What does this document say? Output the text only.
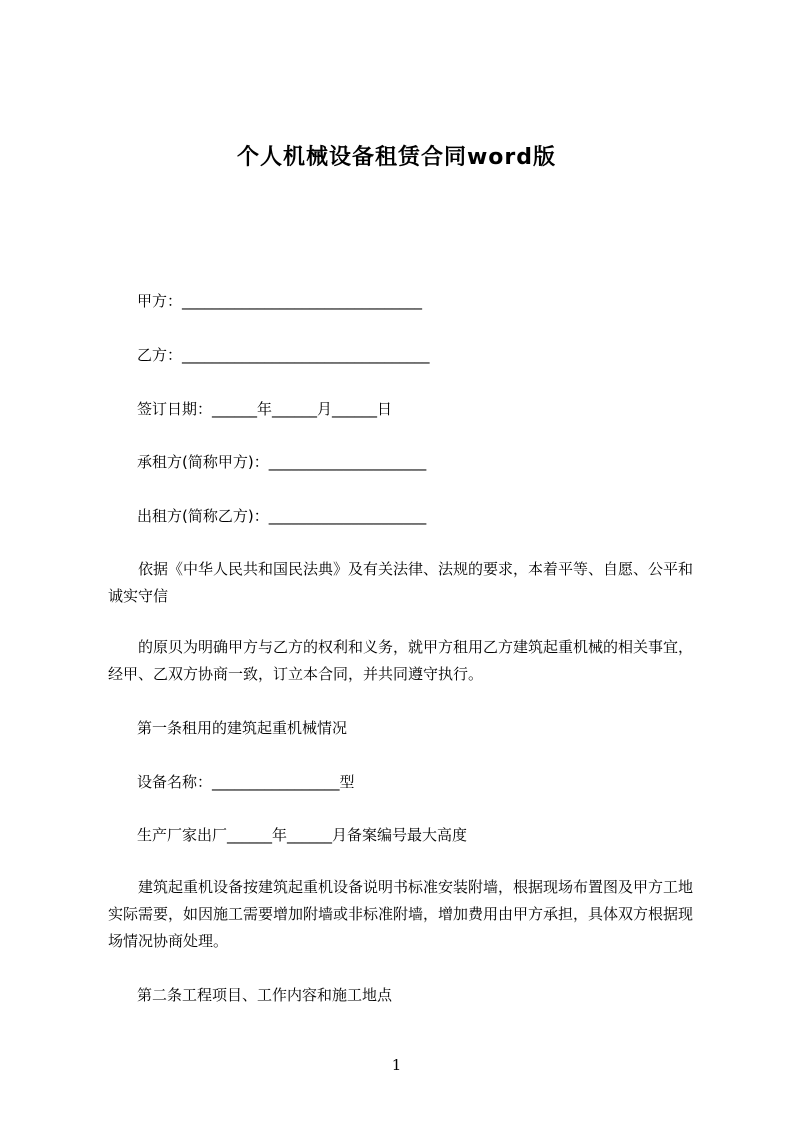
个人机械设备租赁合同word版
甲方：________________________________
乙方：_________________________________
签订日期：______年______月______日
承租方(简称甲方)：_____________________
出租方(简称乙方)：_____________________
依据《中华人民共和国民法典》及有关法律、法规的要求，本着平等、自愿、公平和诚实守信
的原贝为明确甲方与乙方的权利和义务，就甲方租用乙方建筑起重机械的相关事宜，经甲、乙双方协商一致，订立本合同，并共同遵守执行。
第一条租用的建筑起重机械情况
设备名称：_________________型
生产厂家出厂______年______月备案编号最大高度
建筑起重机设备按建筑起重机设备说明书标准安装附墙，根据现场布置图及甲方工地实际需要，如因施工需要增加附墙或非标准附墙，增加费用由甲方承担，具体双方根据现场情况协商处理。
第二条工程项目、工作内容和施工地点
1
